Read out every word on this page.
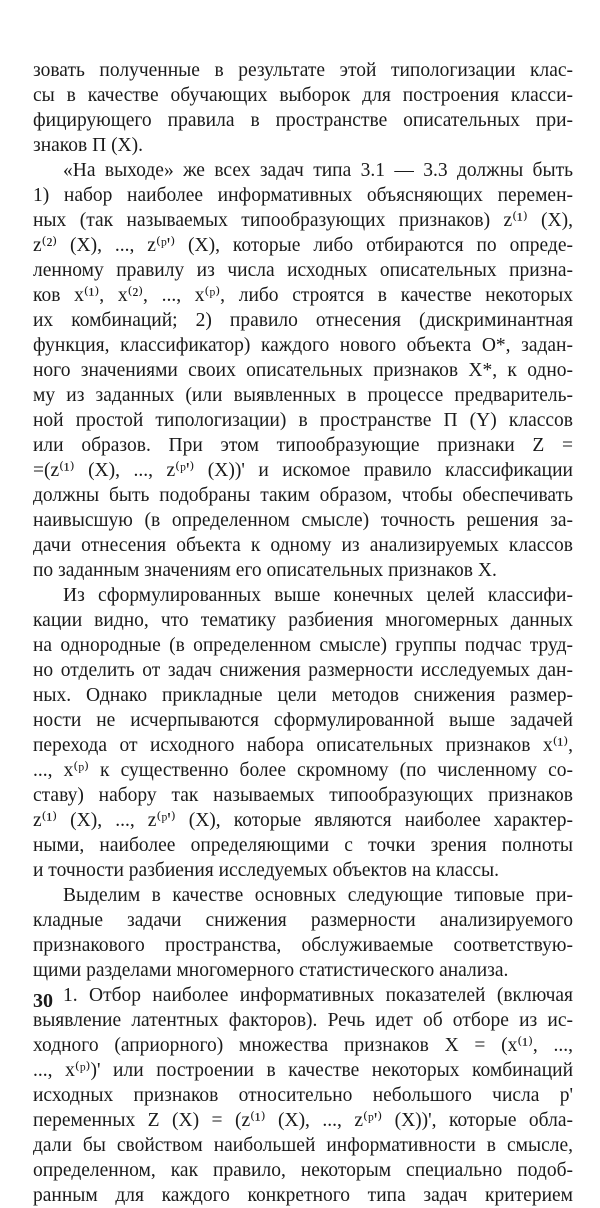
зовать полученные в результате этой типологизации клас-
сы в качестве обучающих выборок для построения класси-
фицирующего правила в пространстве описательных при-
знаков Π (X).
«На выходе» же всех задач типа 3.1 — 3.3 должны быть
1) набор наиболее информативных объясняющих перемен-
ных (так называемых типообразующих признаков) z⁽¹⁾ (X),
z⁽²⁾ (X), ..., z⁽ᵖ'⁾ (X), которые либо отбираются по опреде-
ленному правилу из числа исходных описательных призна-
ков x⁽¹⁾, x⁽²⁾, ..., x⁽ᵖ⁾, либо строятся в качестве некоторых
их комбинаций; 2) правило отнесения (дискриминантная
функция, классификатор) каждого нового объекта O*, задан-
ного значениями своих описательных признаков X*, к одно-
му из заданных (или выявленных в процессе предваритель-
ной простой типологизации) в пространстве Π (Y) классов
или образов. При этом типообразующие признаки Z =
=(z⁽¹⁾ (X), ..., z⁽ᵖ'⁾ (X))' и искомое правило классификации
должны быть подобраны таким образом, чтобы обеспечивать
наивысшую (в определенном смысле) точность решения за-
дачи отнесения объекта к одному из анализируемых классов
по заданным значениям его описательных признаков X.
Из сформулированных выше конечных целей классифи-
кации видно, что тематику разбиения многомерных данных
на однородные (в определенном смысле) группы подчас труд-
но отделить от задач снижения размерности исследуемых дан-
ных. Однако прикладные цели методов снижения размер-
ности не исчерпываются сформулированной выше задачей
перехода от исходного набора описательных признаков x⁽¹⁾,
..., x⁽ᵖ⁾ к существенно более скромному (по численному со-
ставу) набору так называемых типообразующих признаков
z⁽¹⁾ (X), ..., z⁽ᵖ'⁾ (X), которые являются наиболее характер-
ными, наиболее определяющими с точки зрения полноты
и точности разбиения исследуемых объектов на классы.
Выделим в качестве основных следующие типовые при-
кладные задачи снижения размерности анализируемого
признакового пространства, обслуживаемые соответствую-
щими разделами многомерного статистического анализа.
1. Отбор наиболее информативных показателей (включая
выявление латентных факторов). Речь идет об отборе из ис-
ходного (априорного) множества признаков X = (x⁽¹⁾, ...,
..., x⁽ᵖ⁾)' или построении в качестве некоторых комбинаций
исходных признаков относительно небольшого числа p'
переменных Z (X) = (z⁽¹⁾ (X), ..., z⁽ᵖ'⁾ (X))', которые обла-
дали бы свойством наибольшей информативности в смысле,
определенном, как правило, некоторым специально подоб-
ранным для каждого конкретного типа задач критерием
30
